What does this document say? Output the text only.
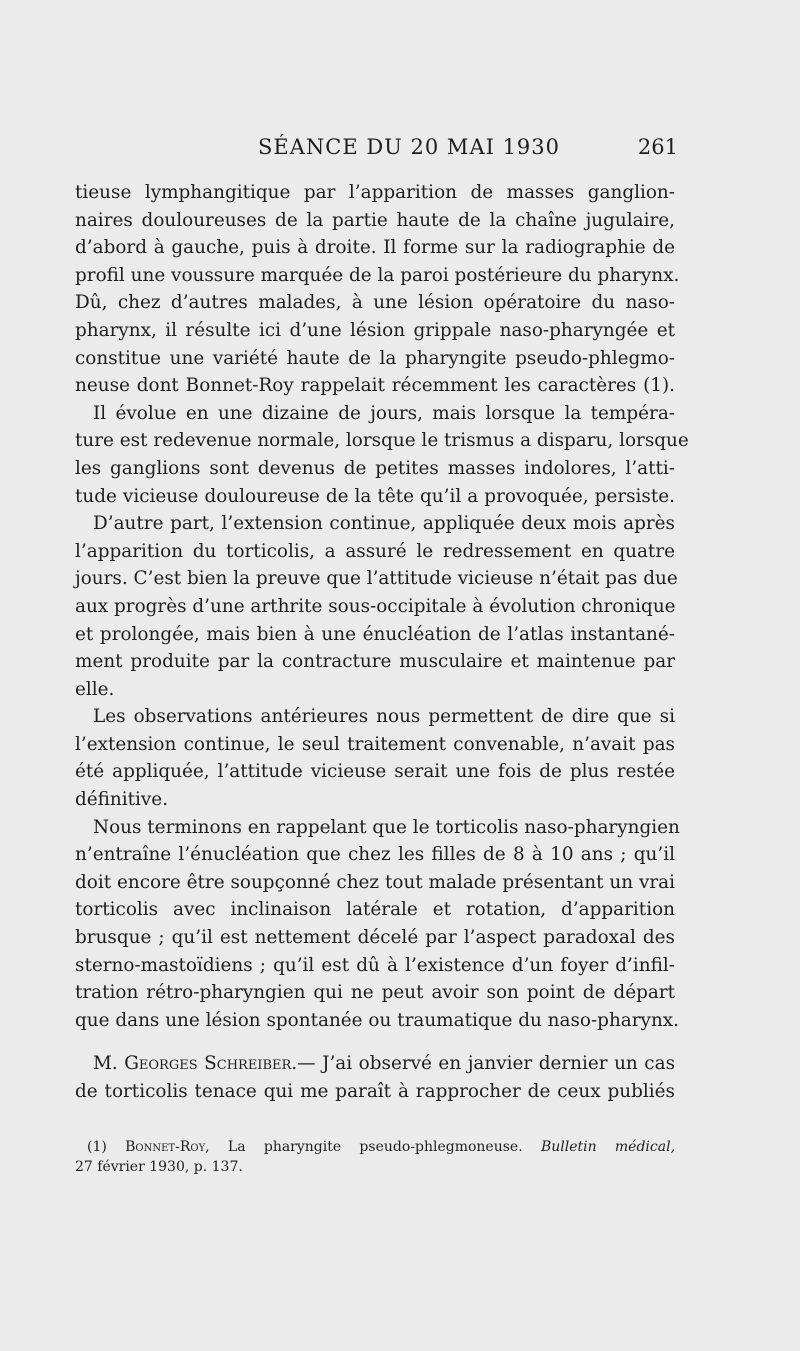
SÉANCE DU 20 MAI 1930	261
tieuse lymphangitique par l’apparition de masses ganglion-
naires douloureuses de la partie haute de la chaîne jugulaire,
d’abord à gauche, puis à droite. Il forme sur la radiographie de
profil une voussure marquée de la paroi postérieure du pharynx.
Dû, chez d’autres malades, à une lésion opératoire du naso-
pharynx, il résulte ici d’une lésion grippale naso-pharyngée et
constitue une variété haute de la pharyngite pseudo-phlegmo-
neuse dont Bonnet-Roy rappelait récemment les caractères (1).
Il évolue en une dizaine de jours, mais lorsque la tempéra-
ture est redevenue normale, lorsque le trismus a disparu, lorsque
les ganglions sont devenus de petites masses indolores, l’atti-
tude vicieuse douloureuse de la tête qu’il a provoquée, persiste.
D’autre part, l’extension continue, appliquée deux mois après
l’apparition du torticolis, a assuré le redressement en quatre
jours. C’est bien la preuve que l’attitude vicieuse n’était pas due
aux progrès d’une arthrite sous-occipitale à évolution chronique
et prolongée, mais bien à une énucléation de l’atlas instantané-
ment produite par la contracture musculaire et maintenue par
elle.
Les observations antérieures nous permettent de dire que si
l’extension continue, le seul traitement convenable, n’avait pas
été appliquée, l’attitude vicieuse serait une fois de plus restée
définitive.
Nous terminons en rappelant que le torticolis naso-pharyngien
n’entraîne l’énucléation que chez les filles de 8 à 10 ans ; qu’il
doit encore être soupçonné chez tout malade présentant un vrai
torticolis avec inclinaison latérale et rotation, d’apparition
brusque ; qu’il est nettement décelé par l’aspect paradoxal des
sterno-mastoïdiens ; qu’il est dû à l’existence d’un foyer d’infil-
tration rétro-pharyngien qui ne peut avoir son point de départ
que dans une lésion spontanée ou traumatique du naso-pharynx.
M. Georges Schreiber.— J’ai observé en janvier dernier un cas
de torticolis tenace qui me paraît à rapprocher de ceux publiés
(1) Bonnet-Roy, La pharyngite pseudo-phlegmoneuse. Bulletin médical,
27 février 1930, p. 137.
